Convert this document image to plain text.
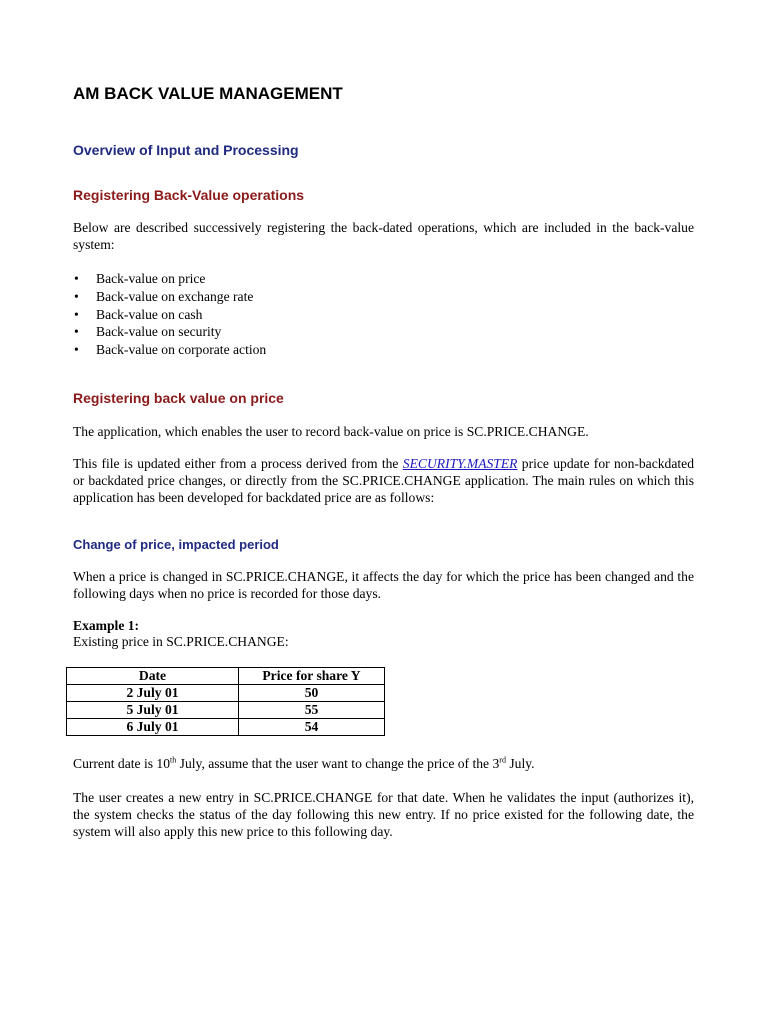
AM BACK VALUE MANAGEMENT
Overview of Input and Processing
Registering Back-Value operations
Below are described successively registering the back-dated operations, which are included in the back-value system:
• Back-value on price
• Back-value on exchange rate
• Back-value on cash
• Back-value on security
• Back-value on corporate action
Registering back value on price
The application, which enables the user to record back-value on price is SC.PRICE.CHANGE.
This file is updated either from a process derived from the SECURITY.MASTER price update for non-backdated or backdated price changes, or directly from the SC.PRICE.CHANGE application. The main rules on which this application has been developed for backdated price are as follows:
Change of price, impacted period
When a price is changed in SC.PRICE.CHANGE, it affects the day for which the price has been changed and the following days when no price is recorded for those days.
Example 1:
Existing price in SC.PRICE.CHANGE:
Date	Price for share Y
2 July 01	50
5 July 01	55
6 July 01	54
Current date is 10th July, assume that the user want to change the price of the 3rd July.
The user creates a new entry in SC.PRICE.CHANGE for that date. When he validates the input (authorizes it), the system checks the status of the day following this new entry. If no price existed for the following date, the system will also apply this new price to this following day.
